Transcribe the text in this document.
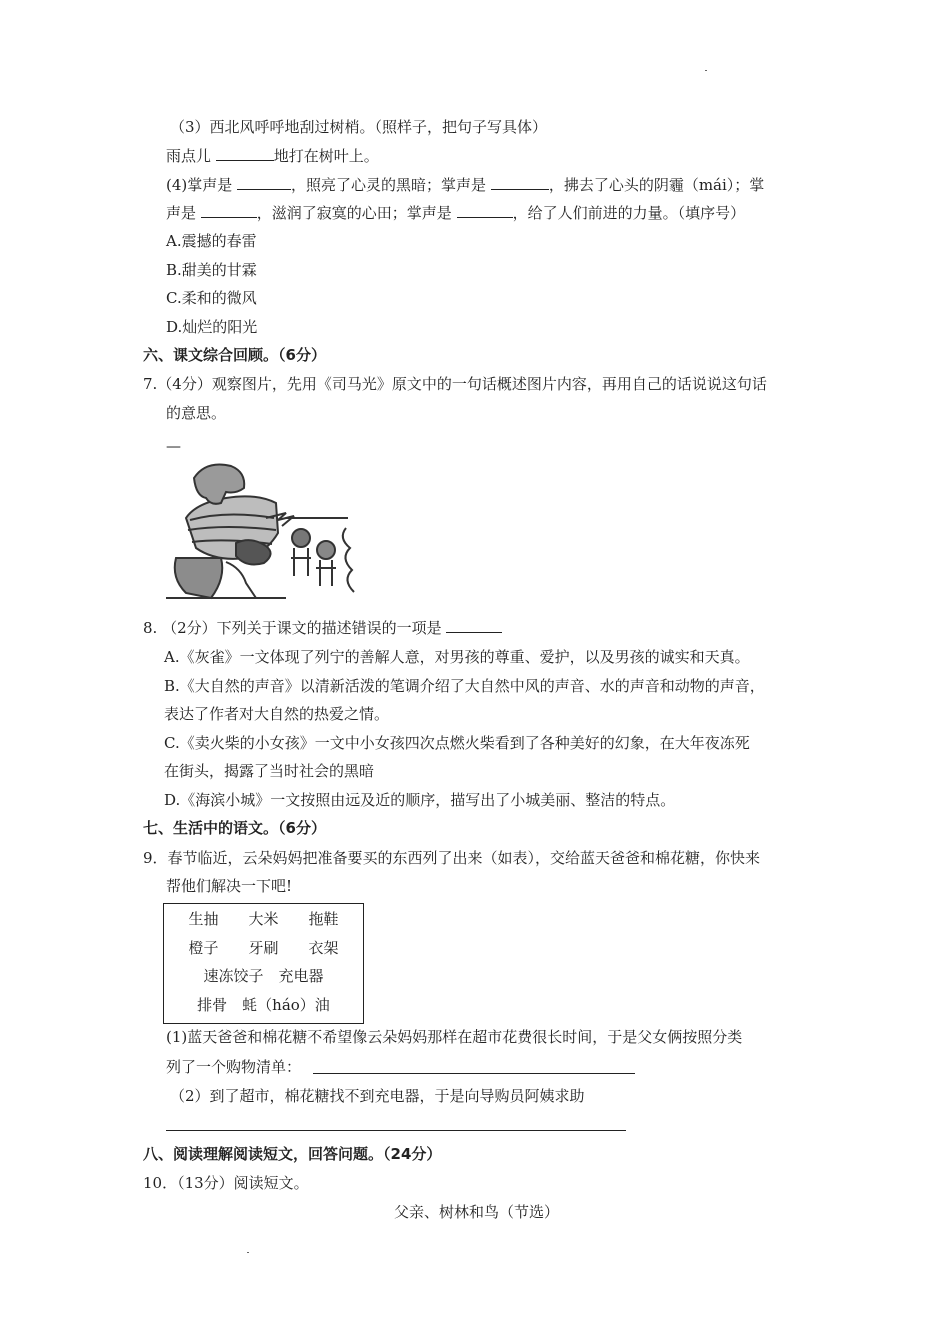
（3）西北风呼呼地刮过树梢。（照样子，把句子写具体）
雨点儿	地打在树叶上。
(4)掌声是	，照亮了心灵的黑暗；掌声是	，拂去了心头的阴霾（mái）；掌
声是	，滋润了寂寞的心田；掌声是	，给了人们前进的力量。（填序号）
A.震撼的春雷
B.甜美的甘霖
C.柔和的微风
D.灿烂的阳光
六、课文综合回顾。（6分）
7.（4分）观察图片，先用《司马光》原文中的一句话概述图片内容，再用自己的话说说这句话
的意思。
—
8. （2分）下列关于课文的描述错误的一项是
A.《灰雀》一文体现了列宁的善解人意，对男孩的尊重、爱护，以及男孩的诚实和天真。
B.《大自然的声音》以清新活泼的笔调介绍了大自然中风的声音、水的声音和动物的声音，
表达了作者对大自然的热爱之情。
C.《卖火柴的小女孩》一文中小女孩四次点燃火柴看到了各种美好的幻象，在大年夜冻死
在街头，揭露了当时社会的黑暗
D.《海滨小城》一文按照由远及近的顺序，描写出了小城美丽、整洁的特点。
七、生活中的语文。（6分）
9．春节临近，云朵妈妈把准备要买的东西列了出来（如表），交给蓝天爸爸和棉花糖，你快来
帮他们解决一下吧!
生抽　　大米　　拖鞋
橙子　　牙刷　　衣架
速冻饺子　充电器
排骨　蚝（háo）油
(1)蓝天爸爸和棉花糖不希望像云朵妈妈那样在超市花费很长时间，于是父女俩按照分类
列了一个购物清单：
（2）到了超市，棉花糖找不到充电器，于是向导购员阿姨求助
八、阅读理解阅读短文，回答问题。（24分）
10．（13分）阅读短文。
父亲、树林和鸟（节选）
